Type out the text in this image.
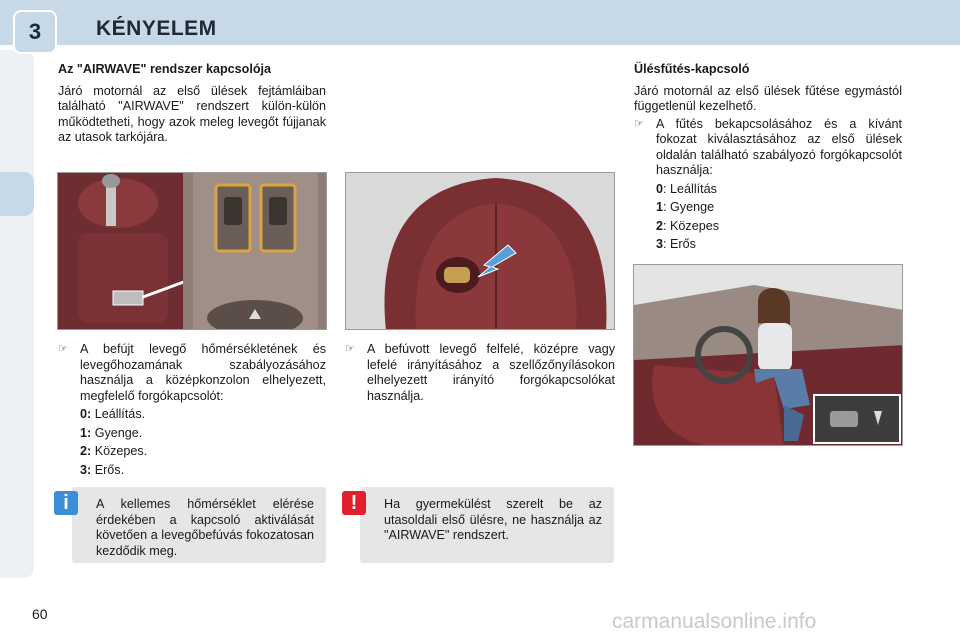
3	KÉNYELEM
Az "AIRWAVE" rendszer kapcsolója
Járó motornál az első ülések fejtámláiban található "AIRWAVE" rendszert külön-külön működtetheti, hogy azok meleg levegőt fújjanak az utasok tarkójára.
☞ A befújt levegő hőmérsékletének és levegőhozamának szabályozásához használja a középkonzolon elhelyezett, megfelelő forgókapcsolót:
0: Leállítás.
1: Gyenge.
2: Közepes.
3: Erős.
A kellemes hőmérséklet elérése érdekében a kapcsoló aktiválását követően a levegőbefúvás fokozatosan kezdődik meg.
i
☞ A befúvott levegő felfelé, középre vagy lefelé irányításához a szellőzőnyílásokon elhelyezett irányító forgókapcsolókat használja.
Ha gyermekülést szerelt be az utasoldali első ülésre, ne használja az "AIRWAVE" rendszert.
!
Ülésfűtés-kapcsoló
Járó motornál az első ülések fűtése egymástól függetlenül kezelhető.
☞ A fűtés bekapcsolásához és a kívánt fokozat kiválasztásához az első ülések oldalán található szabályozó forgókapcsolót használja:
0: Leállítás
1: Gyenge
2: Közepes
3: Erős
60	carmanualsonline.info
